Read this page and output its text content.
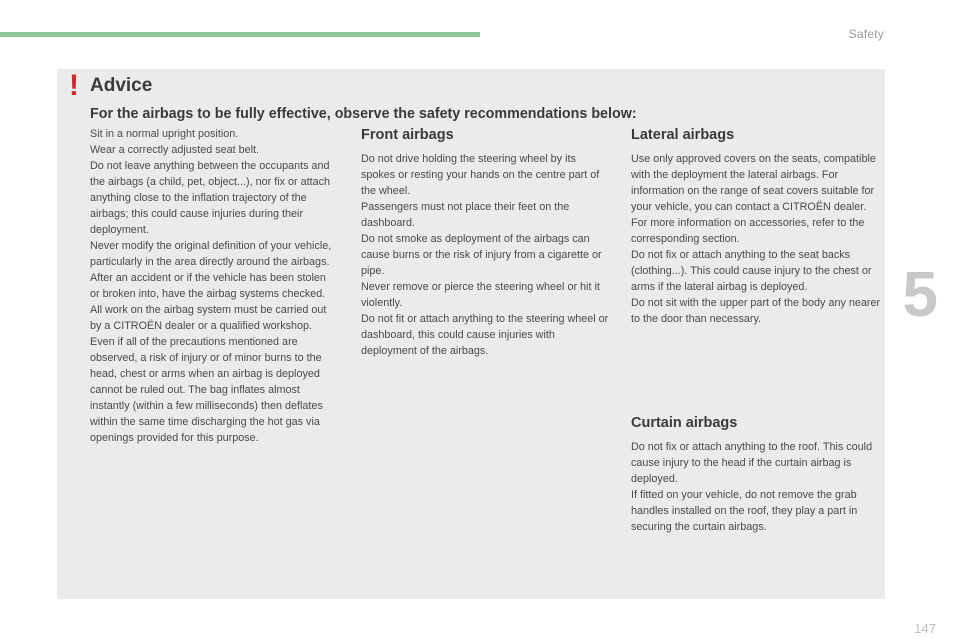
Safety
5
147
! Advice
For the airbags to be fully effective, observe the safety recommendations below:
Sit in a normal upright position.
Wear a correctly adjusted seat belt.
Do not leave anything between the occupants and the airbags (a child, pet, object...), nor fix or attach anything close to the inflation trajectory of the airbags; this could cause injuries during their deployment.
Never modify the original definition of your vehicle, particularly in the area directly around the airbags.
After an accident or if the vehicle has been stolen or broken into, have the airbag systems checked.
All work on the airbag system must be carried out by a CITROËN dealer or a qualified workshop.
Even if all of the precautions mentioned are observed, a risk of injury or of minor burns to the head, chest or arms when an airbag is deployed cannot be ruled out. The bag inflates almost instantly (within a few milliseconds) then deflates within the same time discharging the hot gas via openings provided for this purpose.
Front airbags
Do not drive holding the steering wheel by its spokes or resting your hands on the centre part of the wheel.
Passengers must not place their feet on the dashboard.
Do not smoke as deployment of the airbags can cause burns or the risk of injury from a cigarette or pipe.
Never remove or pierce the steering wheel or hit it violently.
Do not fit or attach anything to the steering wheel or dashboard, this could cause injuries with deployment of the airbags.
Lateral airbags
Use only approved covers on the seats, compatible with the deployment the lateral airbags. For information on the range of seat covers suitable for your vehicle, you can contact a CITROËN dealer.
For more information on accessories, refer to the corresponding section.
Do not fix or attach anything to the seat backs (clothing...). This could cause injury to the chest or arms if the lateral airbag is deployed.
Do not sit with the upper part of the body any nearer to the door than necessary.
Curtain airbags
Do not fix or attach anything to the roof. This could cause injury to the head if the curtain airbag is deployed.
If fitted on your vehicle, do not remove the grab handles installed on the roof, they play a part in securing the curtain airbags.
